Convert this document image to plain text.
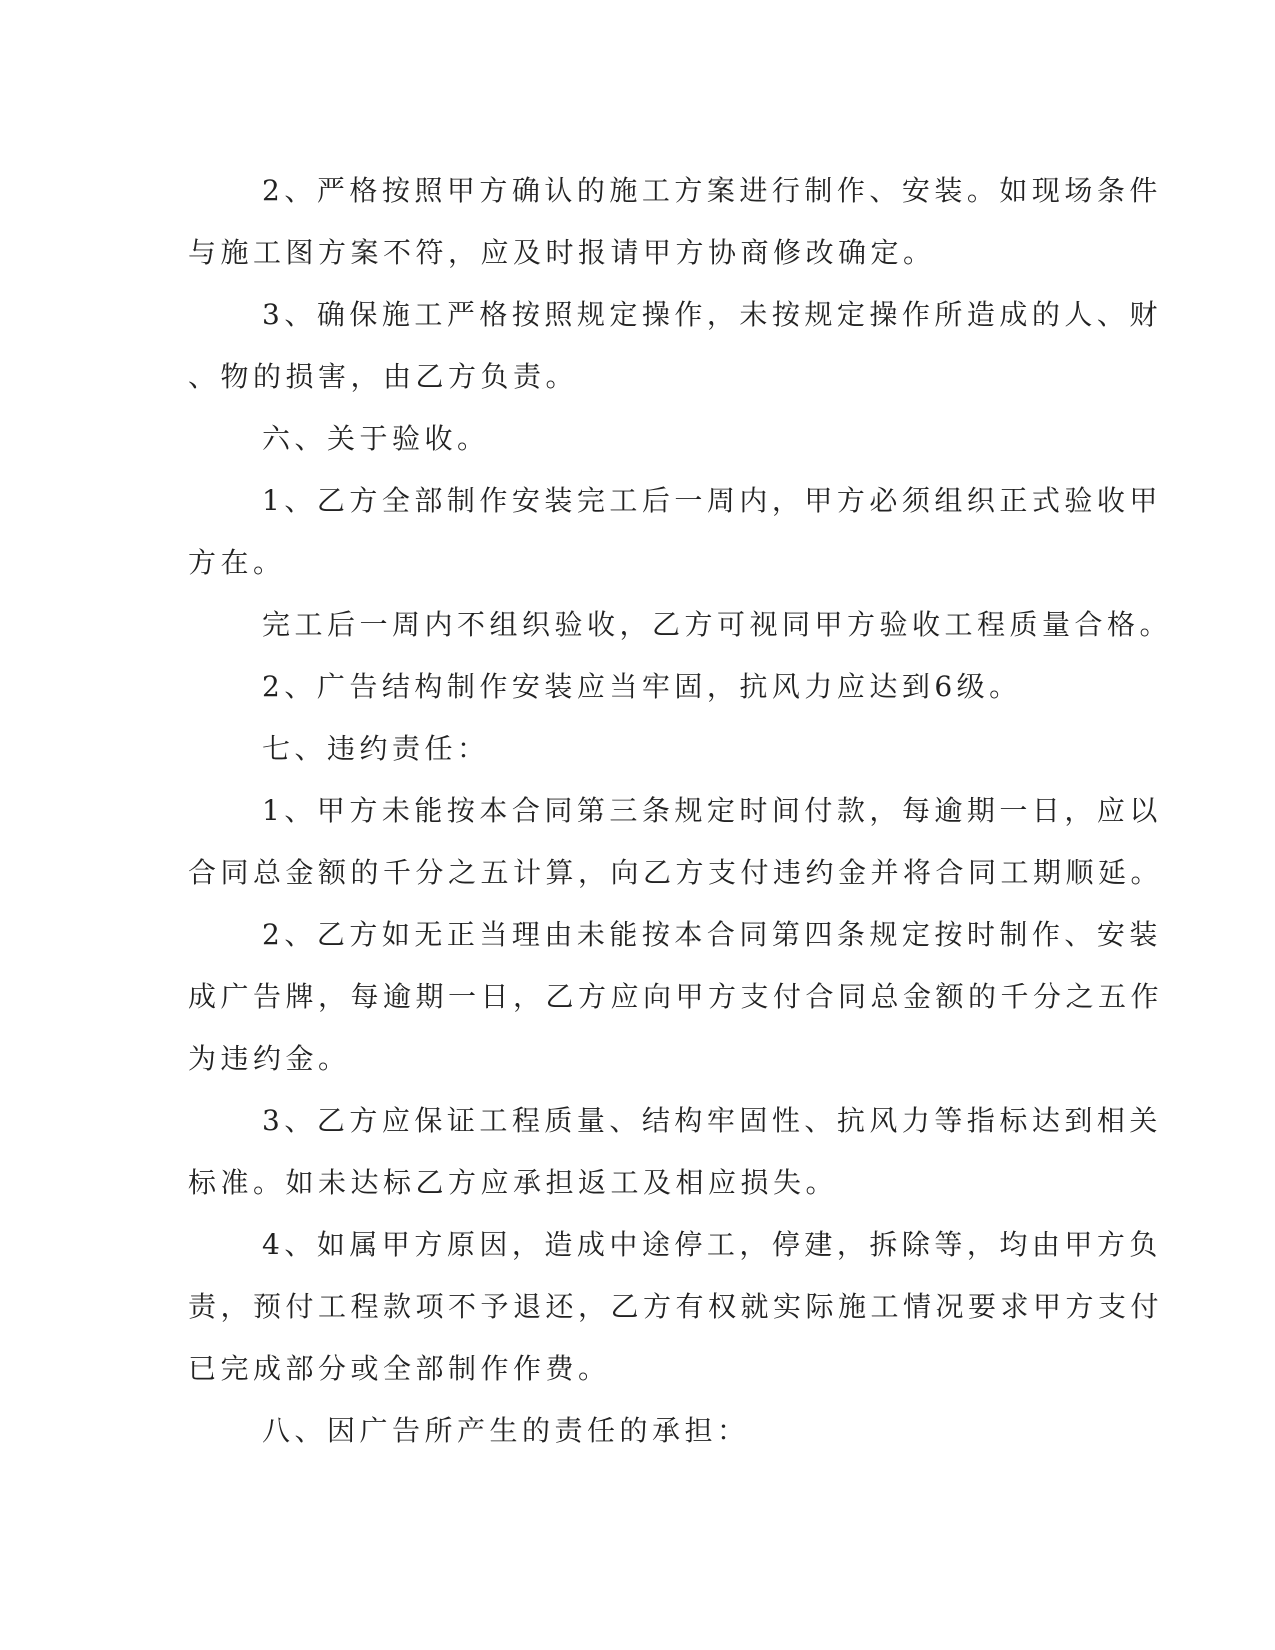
2、严格按照甲方确认的施工方案进行制作、安装。如现场条件

与施工图方案不符，应及时报请甲方协商修改确定。

3、确保施工严格按照规定操作，未按规定操作所造成的人、财

、物的损害，由乙方负责。

六、关于验收。

1、乙方全部制作安装完工后一周内，甲方必须组织正式验收甲

方在。

完工后一周内不组织验收，乙方可视同甲方验收工程质量合格。

2、广告结构制作安装应当牢固，抗风力应达到6级。

七、违约责任：

1、甲方未能按本合同第三条规定时间付款，每逾期一日，应以

合同总金额的千分之五计算，向乙方支付违约金并将合同工期顺延。

2、乙方如无正当理由未能按本合同第四条规定按时制作、安装

成广告牌，每逾期一日，乙方应向甲方支付合同总金额的千分之五作

为违约金。

3、乙方应保证工程质量、结构牢固性、抗风力等指标达到相关

标准。如未达标乙方应承担返工及相应损失。

4、如属甲方原因，造成中途停工，停建，拆除等，均由甲方负

责，预付工程款项不予退还，乙方有权就实际施工情况要求甲方支付

已完成部分或全部制作作费。

八、因广告所产生的责任的承担：
